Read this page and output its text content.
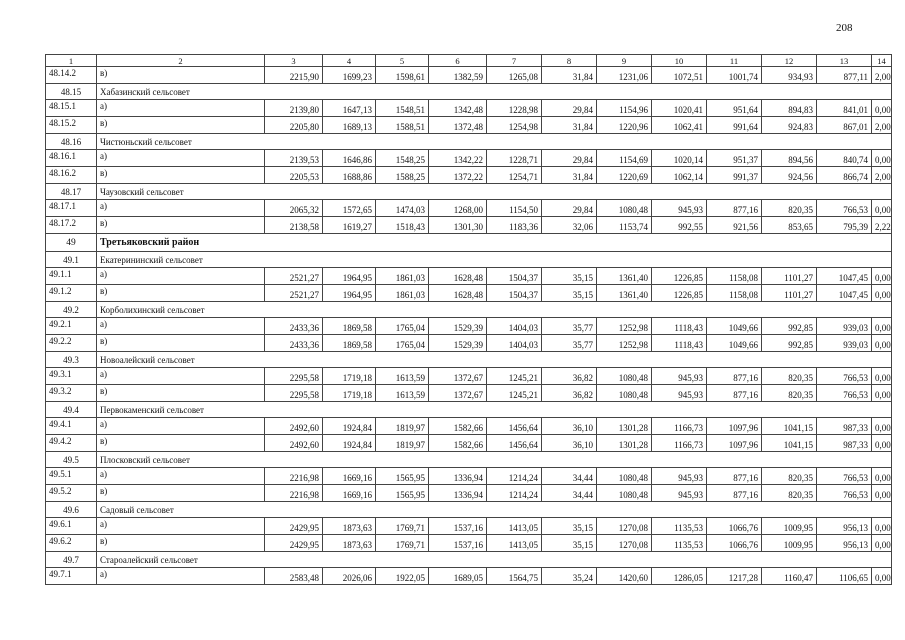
208
1	2	3	4	5	6	7	8	9	10	11	12	13	14
48.14.2	в)	2215,90	1699,23	1598,61	1382,59	1265,08	31,84	1231,06	1072,51	1001,74	934,93	877,11	2,00
48.15	Хабазинский сельсовет												
48.15.1	а)	2139,80	1647,13	1548,51	1342,48	1228,98	29,84	1154,96	1020,41	951,64	894,83	841,01	0,00
48.15.2	в)	2205,80	1689,13	1588,51	1372,48	1254,98	31,84	1220,96	1062,41	991,64	924,83	867,01	2,00
48.16	Чистюньский сельсовет												
48.16.1	а)	2139,53	1646,86	1548,25	1342,22	1228,71	29,84	1154,69	1020,14	951,37	894,56	840,74	0,00
48.16.2	в)	2205,53	1688,86	1588,25	1372,22	1254,71	31,84	1220,69	1062,14	991,37	924,56	866,74	2,00
48.17	Чаузовский сельсовет												
48.17.1	а)	2065,32	1572,65	1474,03	1268,00	1154,50	29,84	1080,48	945,93	877,16	820,35	766,53	0,00
48.17.2	в)	2138,58	1619,27	1518,43	1301,30	1183,36	32,06	1153,74	992,55	921,56	853,65	795,39	2,22
49	Третьяковский район												
49.1	Екатерининский сельсовет												
49.1.1	а)	2521,27	1964,95	1861,03	1628,48	1504,37	35,15	1361,40	1226,85	1158,08	1101,27	1047,45	0,00
49.1.2	в)	2521,27	1964,95	1861,03	1628,48	1504,37	35,15	1361,40	1226,85	1158,08	1101,27	1047,45	0,00
49.2	Корболихинский сельсовет												
49.2.1	а)	2433,36	1869,58	1765,04	1529,39	1404,03	35,77	1252,98	1118,43	1049,66	992,85	939,03	0,00
49.2.2	в)	2433,36	1869,58	1765,04	1529,39	1404,03	35,77	1252,98	1118,43	1049,66	992,85	939,03	0,00
49.3	Новоалейский сельсовет												
49.3.1	а)	2295,58	1719,18	1613,59	1372,67	1245,21	36,82	1080,48	945,93	877,16	820,35	766,53	0,00
49.3.2	в)	2295,58	1719,18	1613,59	1372,67	1245,21	36,82	1080,48	945,93	877,16	820,35	766,53	0,00
49.4	Первокаменский сельсовет												
49.4.1	а)	2492,60	1924,84	1819,97	1582,66	1456,64	36,10	1301,28	1166,73	1097,96	1041,15	987,33	0,00
49.4.2	в)	2492,60	1924,84	1819,97	1582,66	1456,64	36,10	1301,28	1166,73	1097,96	1041,15	987,33	0,00
49.5	Плосковский сельсовет												
49.5.1	а)	2216,98	1669,16	1565,95	1336,94	1214,24	34,44	1080,48	945,93	877,16	820,35	766,53	0,00
49.5.2	в)	2216,98	1669,16	1565,95	1336,94	1214,24	34,44	1080,48	945,93	877,16	820,35	766,53	0,00
49.6	Садовый сельсовет												
49.6.1	а)	2429,95	1873,63	1769,71	1537,16	1413,05	35,15	1270,08	1135,53	1066,76	1009,95	956,13	0,00
49.6.2	в)	2429,95	1873,63	1769,71	1537,16	1413,05	35,15	1270,08	1135,53	1066,76	1009,95	956,13	0,00
49.7	Староалейский сельсовет												
49.7.1	а)	2583,48	2026,06	1922,05	1689,05	1564,75	35,24	1420,60	1286,05	1217,28	1160,47	1106,65	0,00
